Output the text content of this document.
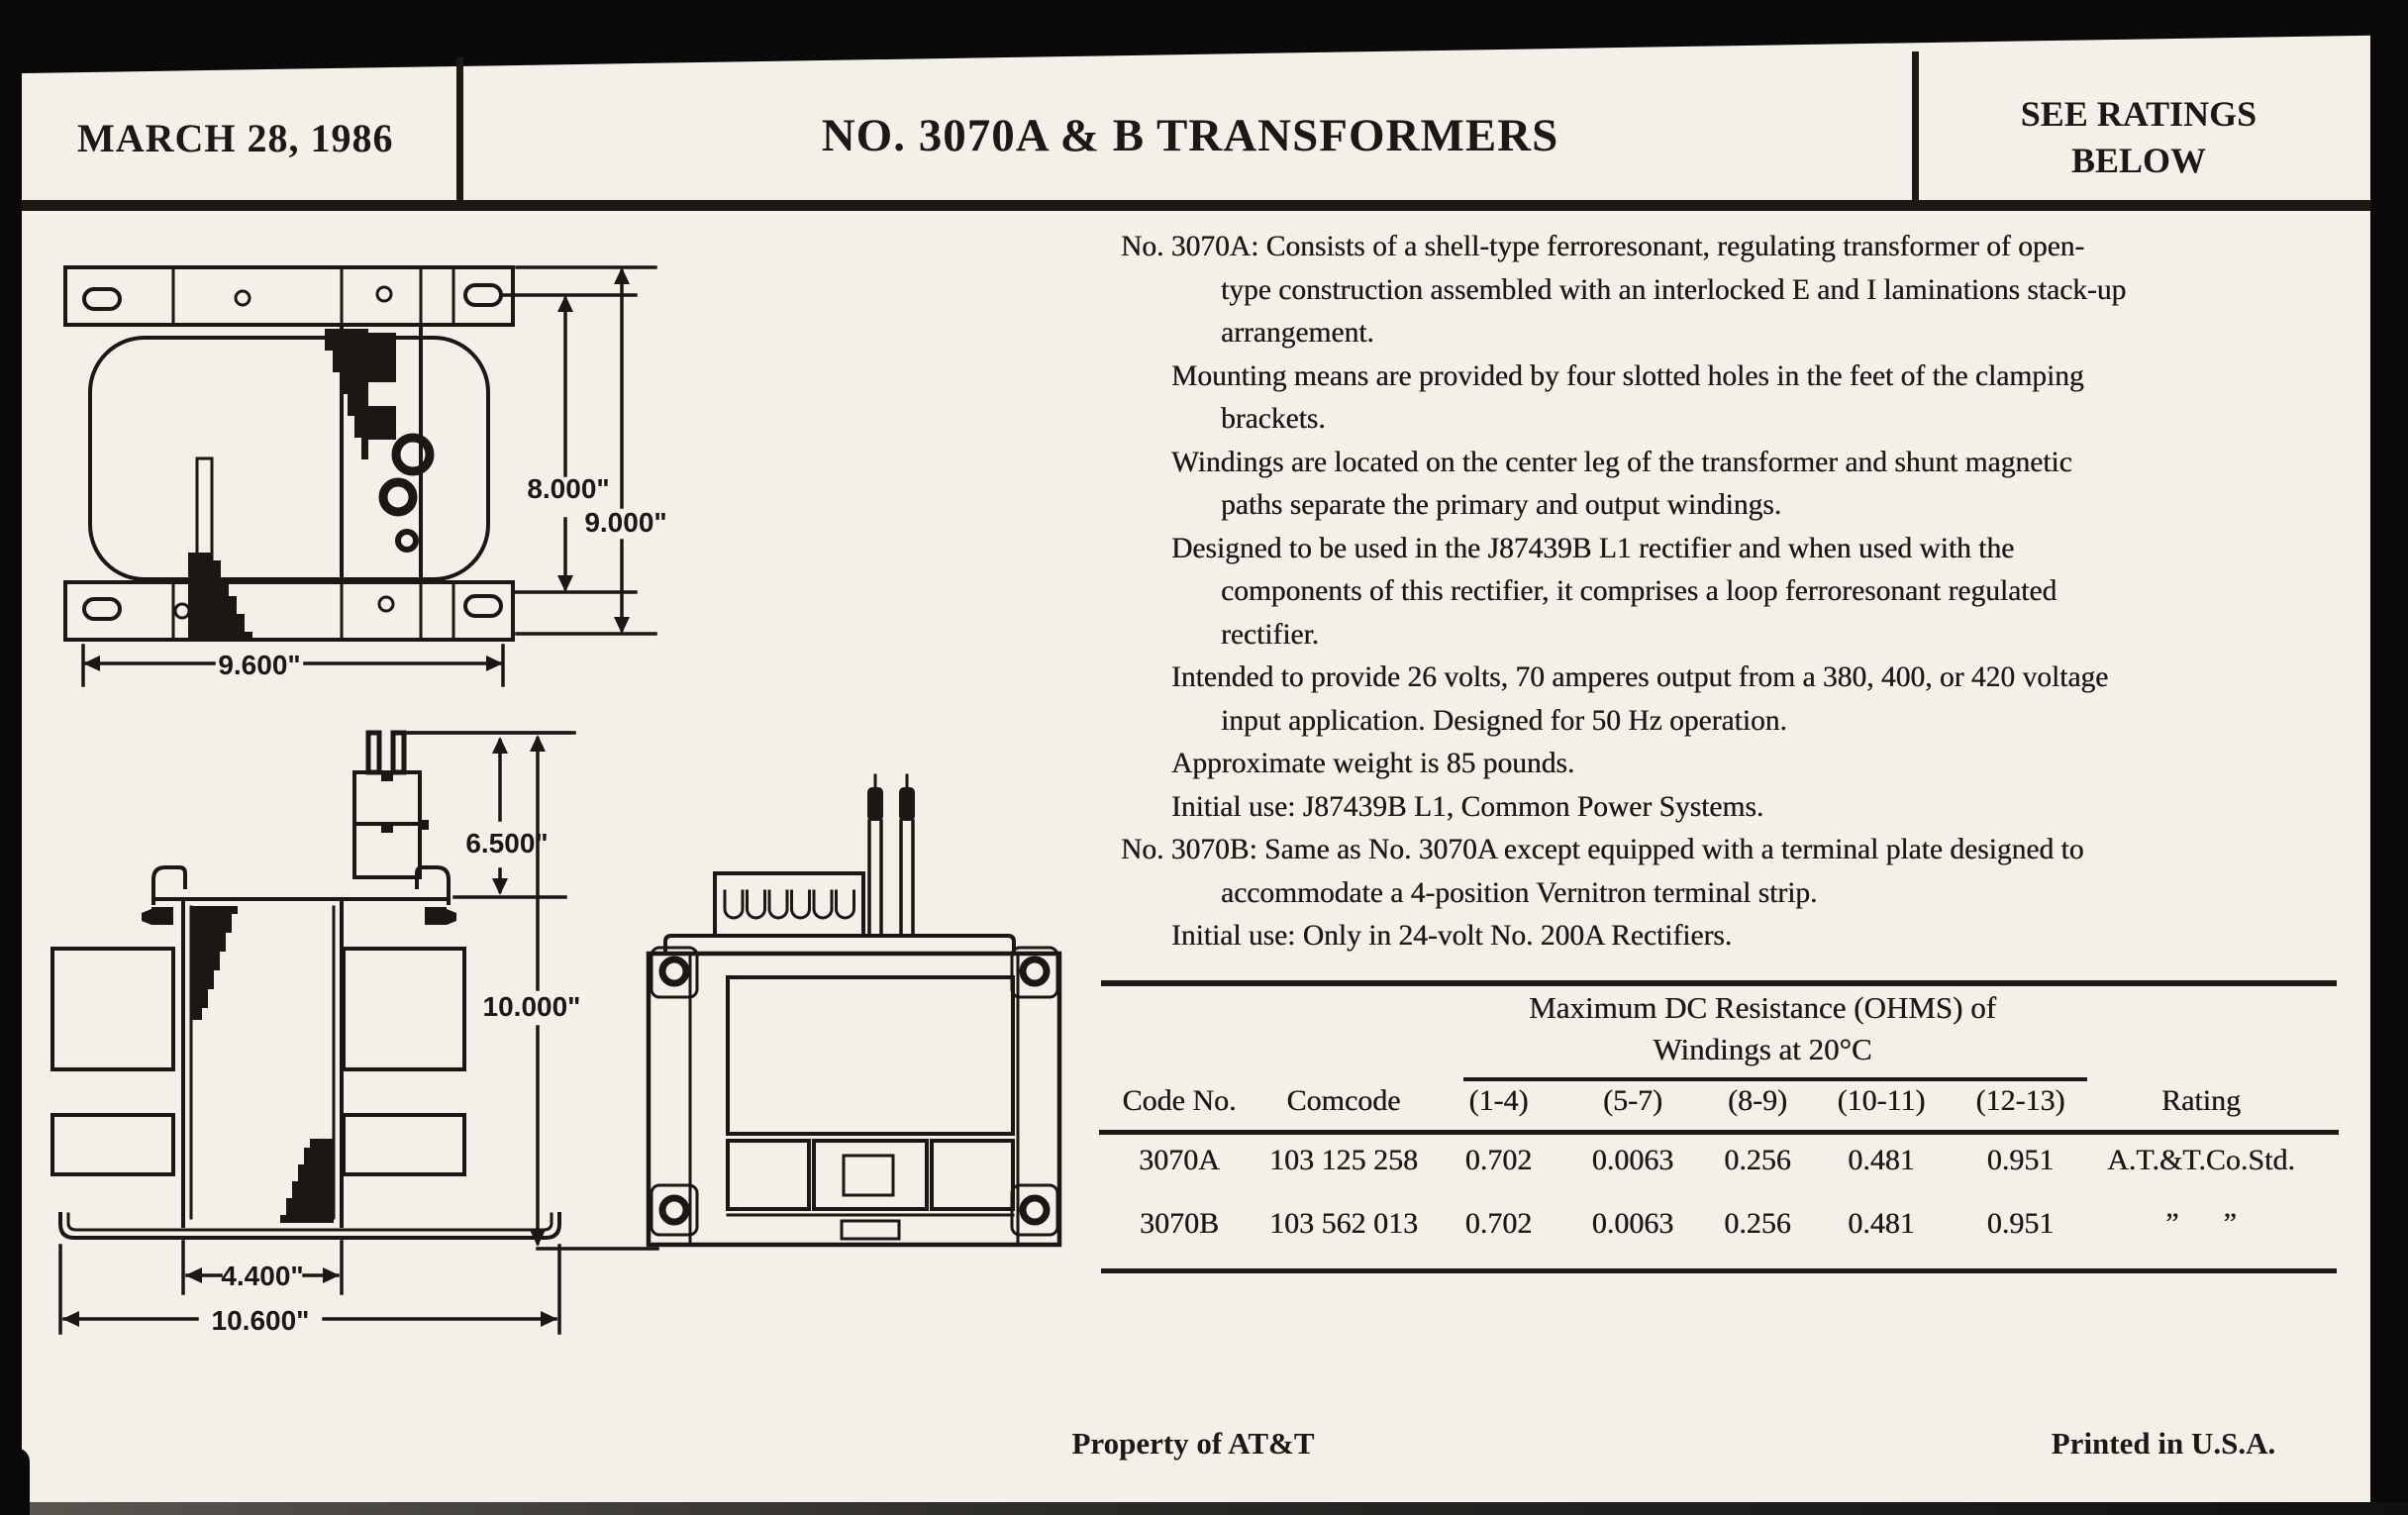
MARCH 28, 1986	NO. 3070A & B TRANSFORMERS	SEE RATINGS
BELOW
8.000"
9.000"
9.600"
6.500"
4.400"
10.600"
10.000"
No. 3070A: Consists of a shell-type ferroresonant, regulating transformer of open-
type construction assembled with an interlocked E and I laminations stack-up
arrangement.
Mounting means are provided by four slotted holes in the feet of the clamping
brackets.
Windings are located on the center leg of the transformer and shunt magnetic
paths separate the primary and output windings.
Designed to be used in the J87439B L1 rectifier and when used with the
components of this rectifier, it comprises a loop ferroresonant regulated
rectifier.
Intended to provide 26 volts, 70 amperes output from a 380, 400, or 420 voltage
input application. Designed for 50 Hz operation.
Approximate weight is 85 pounds.
Initial use: J87439B L1, Common Power Systems.
No. 3070B: Same as No. 3070A except equipped with a terminal plate designed to
accommodate a 4-position Vernitron terminal strip.
Initial use: Only in 24-volt No. 200A Rectifiers.
Maximum DC Resistance (OHMS) of
Windings at 20°C
Code No.	Comcode	(1-4)	(5-7)	(8-9)	(10-11)	(12-13)	Rating
3070A	103 125 258	0.702	0.0063	0.256	0.481	0.951	A.T.&T.Co.Std.
3070B	103 562 013	0.702	0.0063	0.256	0.481	0.951	”      ”
Property of AT&T	Printed in U.S.A.
